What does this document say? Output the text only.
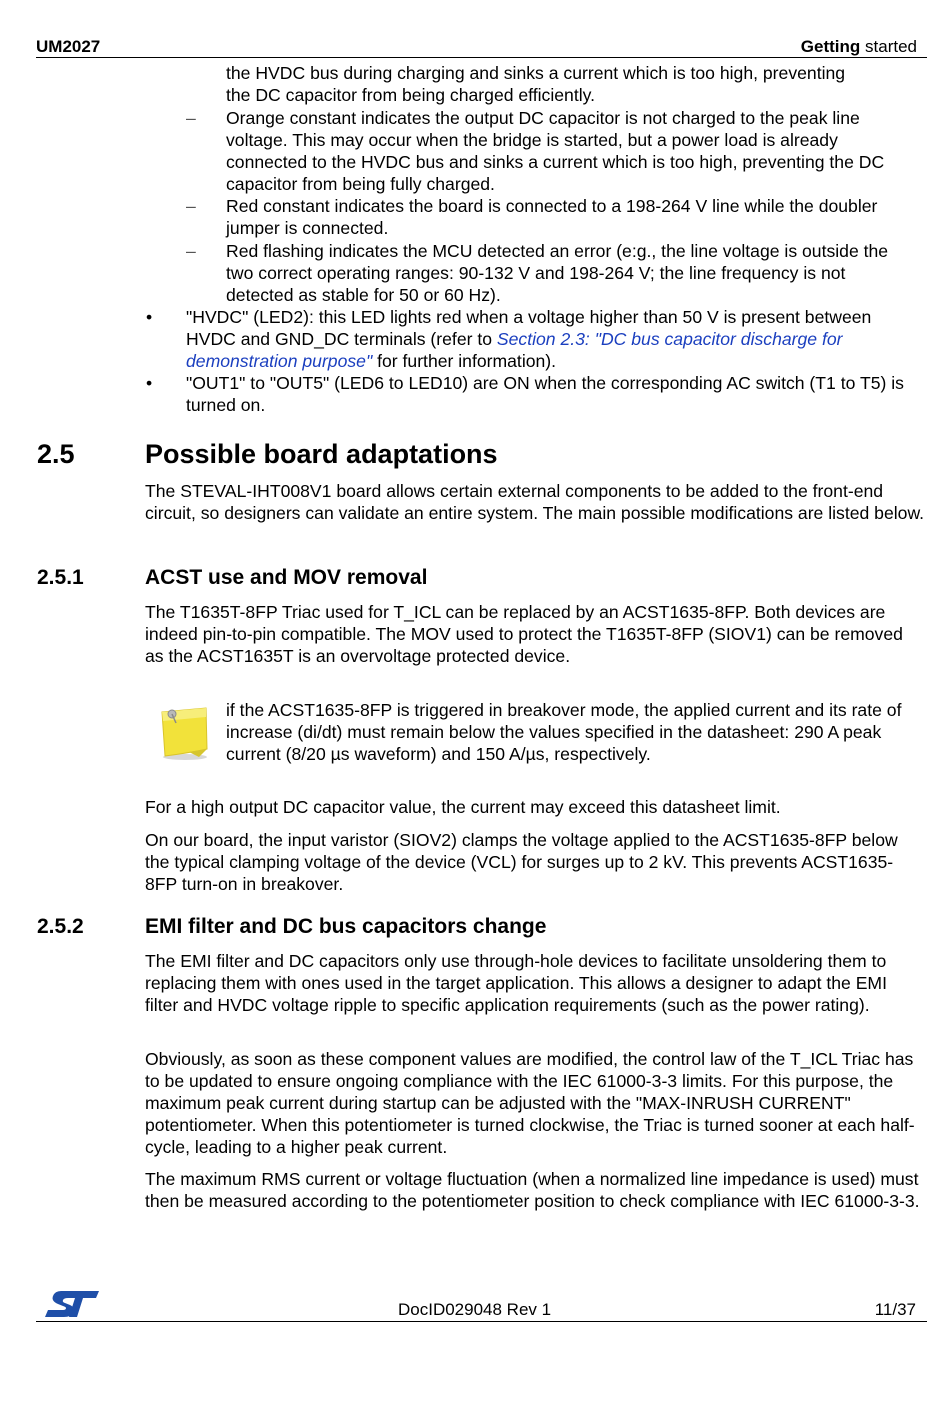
UM2027	Getting started

the HVDC bus during charging and sinks a current which is too high, preventing
the DC capacitor from being charged efficiently.

– Orange constant indicates the output DC capacitor is not charged to the peak line voltage. This may occur when the bridge is started, but a power load is already connected to the HVDC bus and sinks a current which is too high, preventing the DC capacitor from being fully charged.

– Red constant indicates the board is connected to a 198-264 V line while the doubler jumper is connected.

– Red flashing indicates the MCU detected an error (e:g., the line voltage is outside the two correct operating ranges: 90-132 V and 198-264 V; the line frequency is not detected as stable for 50 or 60 Hz).

• "HVDC" (LED2): this LED lights red when a voltage higher than 50 V is present between HVDC and GND_DC terminals (refer to Section 2.3: "DC bus capacitor discharge for demonstration purpose" for further information).

• "OUT1" to "OUT5" (LED6 to LED10) are ON when the corresponding AC switch (T1 to T5) is turned on.

2.5	Possible board adaptations

The STEVAL-IHT008V1 board allows certain external components to be added to the front-end circuit, so designers can validate an entire system. The main possible modifications are listed below.

2.5.1	ACST use and MOV removal

The T1635T-8FP Triac used for T_ICL can be replaced by an ACST1635-8FP. Both devices are indeed pin-to-pin compatible. The MOV used to protect the T1635T-8FP (SIOV1) can be removed as the ACST1635T is an overvoltage protected device.

if the ACST1635-8FP is triggered in breakover mode, the applied current and its rate of increase (di/dt) must remain below the values specified in the datasheet: 290 A peak current (8/20 µs waveform) and 150 A/µs, respectively.

For a high output DC capacitor value, the current may exceed this datasheet limit.

On our board, the input varistor (SIOV2) clamps the voltage applied to the ACST1635-8FP below the typical clamping voltage of the device (VCL) for surges up to 2 kV. This prevents ACST1635-8FP turn-on in breakover.

2.5.2	EMI filter and DC bus capacitors change

The EMI filter and DC capacitors only use through-hole devices to facilitate unsoldering them to replacing them with ones used in the target application. This allows a designer to adapt the EMI filter and HVDC voltage ripple to specific application requirements (such as the power rating).

Obviously, as soon as these component values are modified, the control law of the T_ICL Triac has to be updated to ensure ongoing compliance with the IEC 61000-3-3 limits. For this purpose, the maximum peak current during startup can be adjusted with the "MAX-INRUSH CURRENT" potentiometer. When this potentiometer is turned clockwise, the Triac is turned sooner at each half-cycle, leading to a higher peak current.

The maximum RMS current or voltage fluctuation (when a normalized line impedance is used) must then be measured according to the potentiometer position to check compliance with IEC 61000-3-3.

DocID029048 Rev 1	11/37
